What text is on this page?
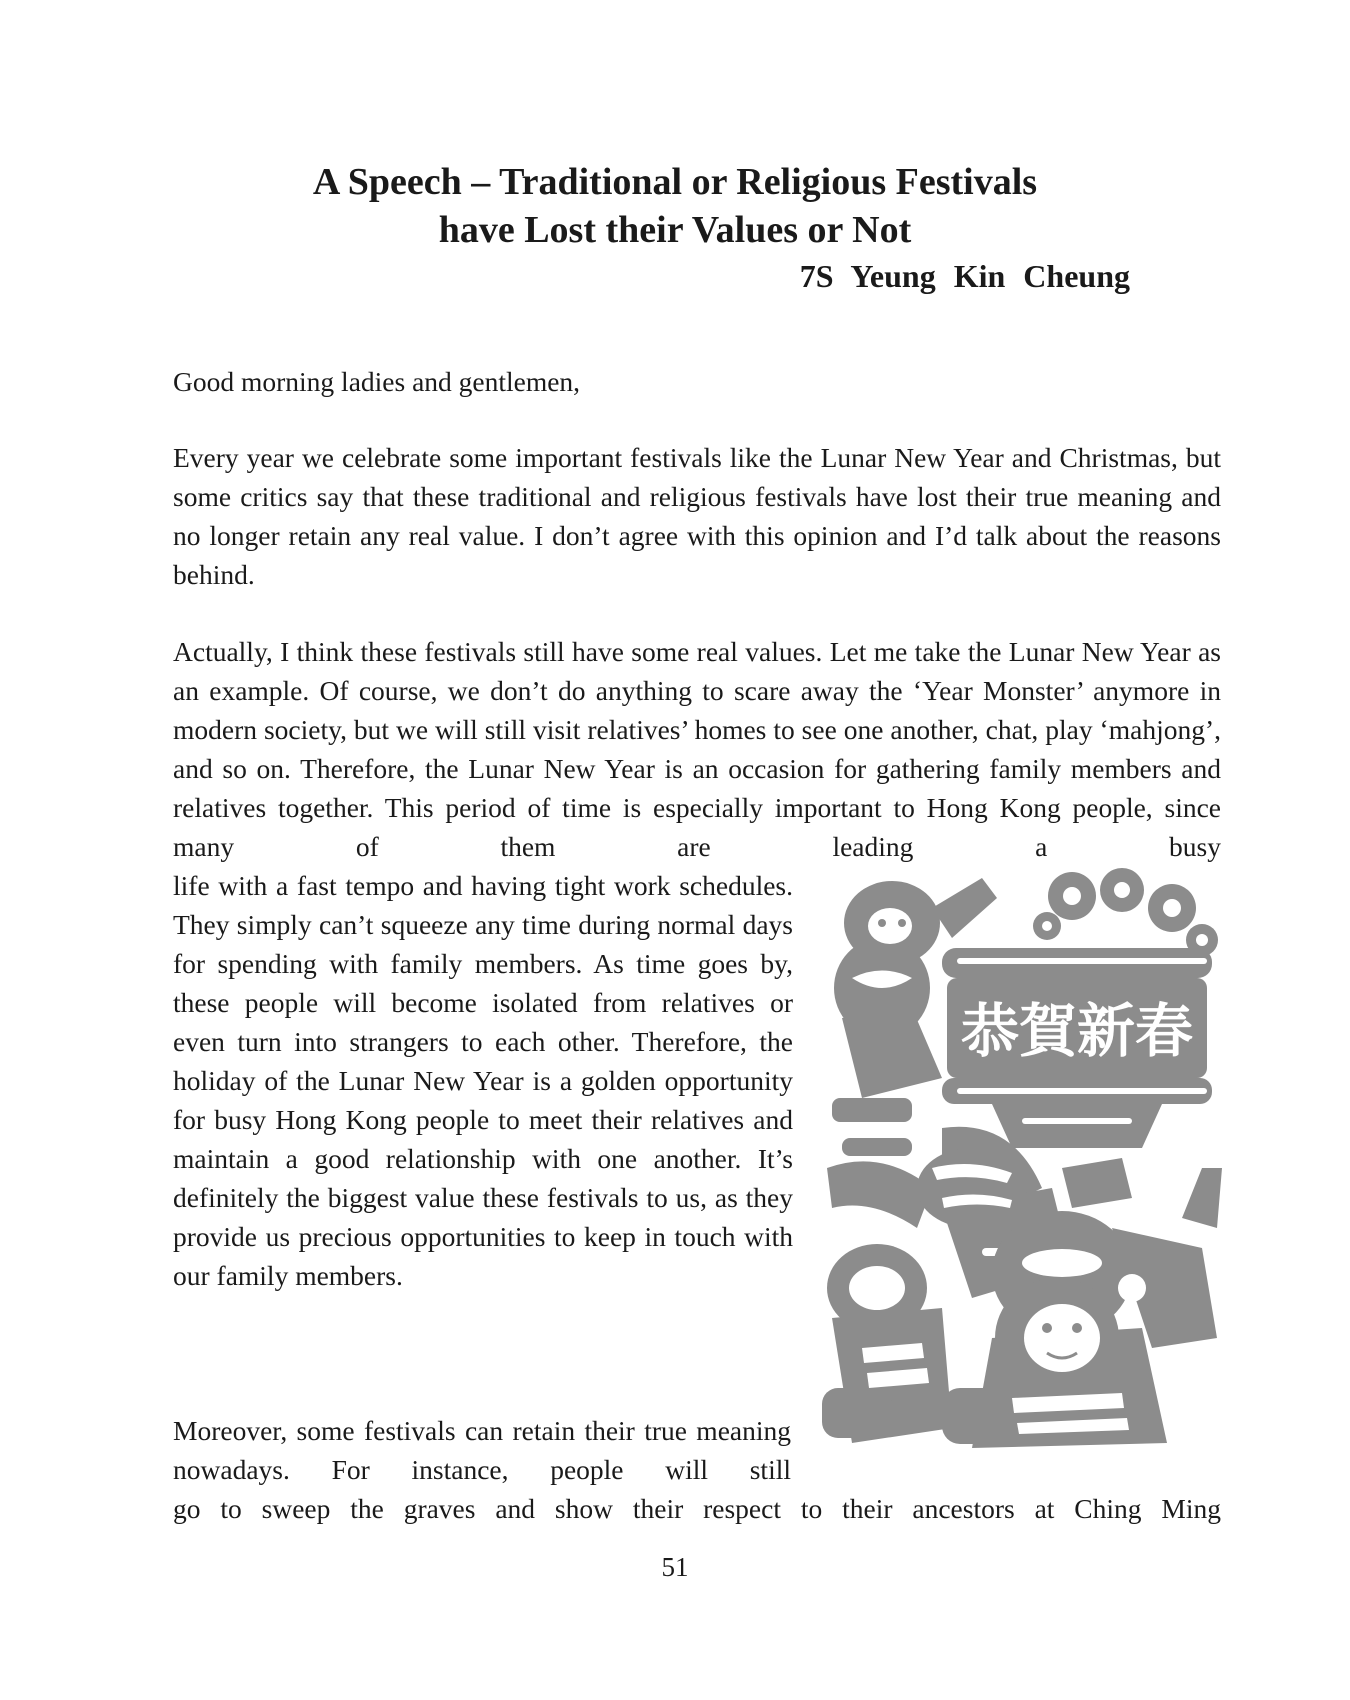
A Speech – Traditional or Religious Festivals
have Lost their Values or Not

7S Yeung Kin Cheung

Good morning ladies and gentlemen,

Every year we celebrate some important festivals like the Lunar New Year and Christmas, but some critics say that these traditional and religious festivals have lost their true meaning and no longer retain any real value. I don’t agree with this opinion and I’d talk about the reasons behind.

Actually, I think these festivals still have some real values. Let me take the Lunar New Year as an example. Of course, we don’t do anything to scare away the ‘Year Monster’ anymore in modern society, but we will still visit relatives’ homes to see one another, chat, play ‘mahjong’, and so on. Therefore, the Lunar New Year is an occasion for gathering family members and relatives together. This period of time is especially important to Hong Kong people, since many of them are leading a busy

life with a fast tempo and having tight work schedules. They simply can’t squeeze any time during normal days for spending with family members. As time goes by, these people will become isolated from relatives or even turn into strangers to each other. Therefore, the holiday of the Lunar New Year is a golden opportunity for busy Hong Kong people to meet their relatives and maintain a good relationship with one another. It’s definitely the biggest value these festivals to us, as they provide us precious opportunities to keep in touch with our family members.

Moreover, some festivals can retain their true meaning nowadays. For instance, people will still

go to sweep the graves and show their respect to their ancestors at Ching Ming

恭賀新春

51
